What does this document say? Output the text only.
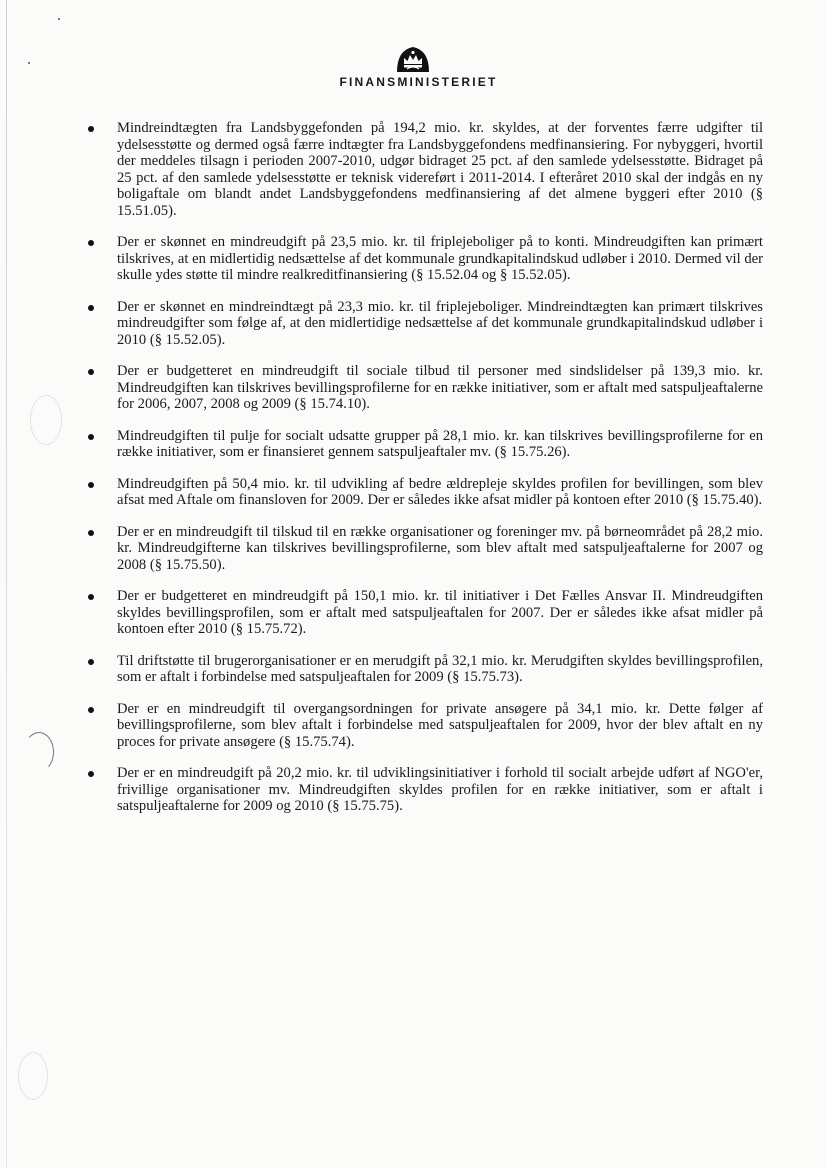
FINANSMINISTERIET
Mindreindtægten fra Landsbyggefonden på 194,2 mio. kr. skyldes, at der forventes færre udgifter til ydelsesstøtte og dermed også færre indtægter fra Landsbyggefondens medfinansiering. For nybyggeri, hvortil der meddeles tilsagn i perioden 2007-2010, udgør bidraget 25 pct. af den samlede ydelsesstøtte. Bidraget på 25 pct. af den samlede ydelsesstøtte er teknisk videreført i 2011-2014. I efteråret 2010 skal der indgås en ny boligaftale om blandt andet Landsbyggefondens medfinansiering af det almene byggeri efter 2010 (§ 15.51.05).
Der er skønnet en mindreudgift på 23,5 mio. kr. til friplejeboliger på to konti. Mindreudgiften kan primært tilskrives, at en midlertidig nedsættelse af det kommunale grundkapitalindskud udløber i 2010. Dermed vil der skulle ydes støtte til mindre realkreditfinansiering (§ 15.52.04 og § 15.52.05).
Der er skønnet en mindreindtægt på 23,3 mio. kr. til friplejeboliger. Mindreindtægten kan primært tilskrives mindreudgifter som følge af, at den midlertidige nedsættelse af det kommunale grundkapitalindskud udløber i 2010 (§ 15.52.05).
Der er budgetteret en mindreudgift til sociale tilbud til personer med sindslidelser på 139,3 mio. kr. Mindreudgiften kan tilskrives bevillingsprofilerne for en række initiativer, som er aftalt med satspuljeaftalerne for 2006, 2007, 2008 og 2009 (§ 15.74.10).
Mindreudgiften til pulje for socialt udsatte grupper på 28,1 mio. kr. kan tilskrives bevillingsprofilerne for en række initiativer, som er finansieret gennem satspuljeaftaler mv. (§ 15.75.26).
Mindreudgiften på 50,4 mio. kr. til udvikling af bedre ældrepleje skyldes profilen for bevillingen, som blev afsat med Aftale om finansloven for 2009. Der er således ikke afsat midler på kontoen efter 2010 (§ 15.75.40).
Der er en mindreudgift til tilskud til en række organisationer og foreninger mv. på børneområdet på 28,2 mio. kr. Mindreudgifterne kan tilskrives bevillingsprofilerne, som blev aftalt med satspuljeaftalerne for 2007 og 2008 (§ 15.75.50).
Der er budgetteret en mindreudgift på 150,1 mio. kr. til initiativer i Det Fælles Ansvar II. Mindreudgiften skyldes bevillingsprofilen, som er aftalt med satspuljeaftalen for 2007. Der er således ikke afsat midler på kontoen efter 2010 (§ 15.75.72).
Til driftstøtte til brugerorganisationer er en merudgift på 32,1 mio. kr. Merudgiften skyldes bevillingsprofilen, som er aftalt i forbindelse med satspuljeaftalen for 2009 (§ 15.75.73).
Der er en mindreudgift til overgangsordningen for private ansøgere på 34,1 mio. kr. Dette følger af bevillingsprofilerne, som blev aftalt i forbindelse med satspuljeaftalen for 2009, hvor der blev aftalt en ny proces for private ansøgere (§ 15.75.74).
Der er en mindreudgift på 20,2 mio. kr. til udviklingsinitiativer i forhold til socialt arbejde udført af NGO'er, frivillige organisationer mv. Mindreudgiften skyldes profilen for en række initiativer, som er aftalt i satspuljeaftalerne for 2009 og 2010 (§ 15.75.75).
